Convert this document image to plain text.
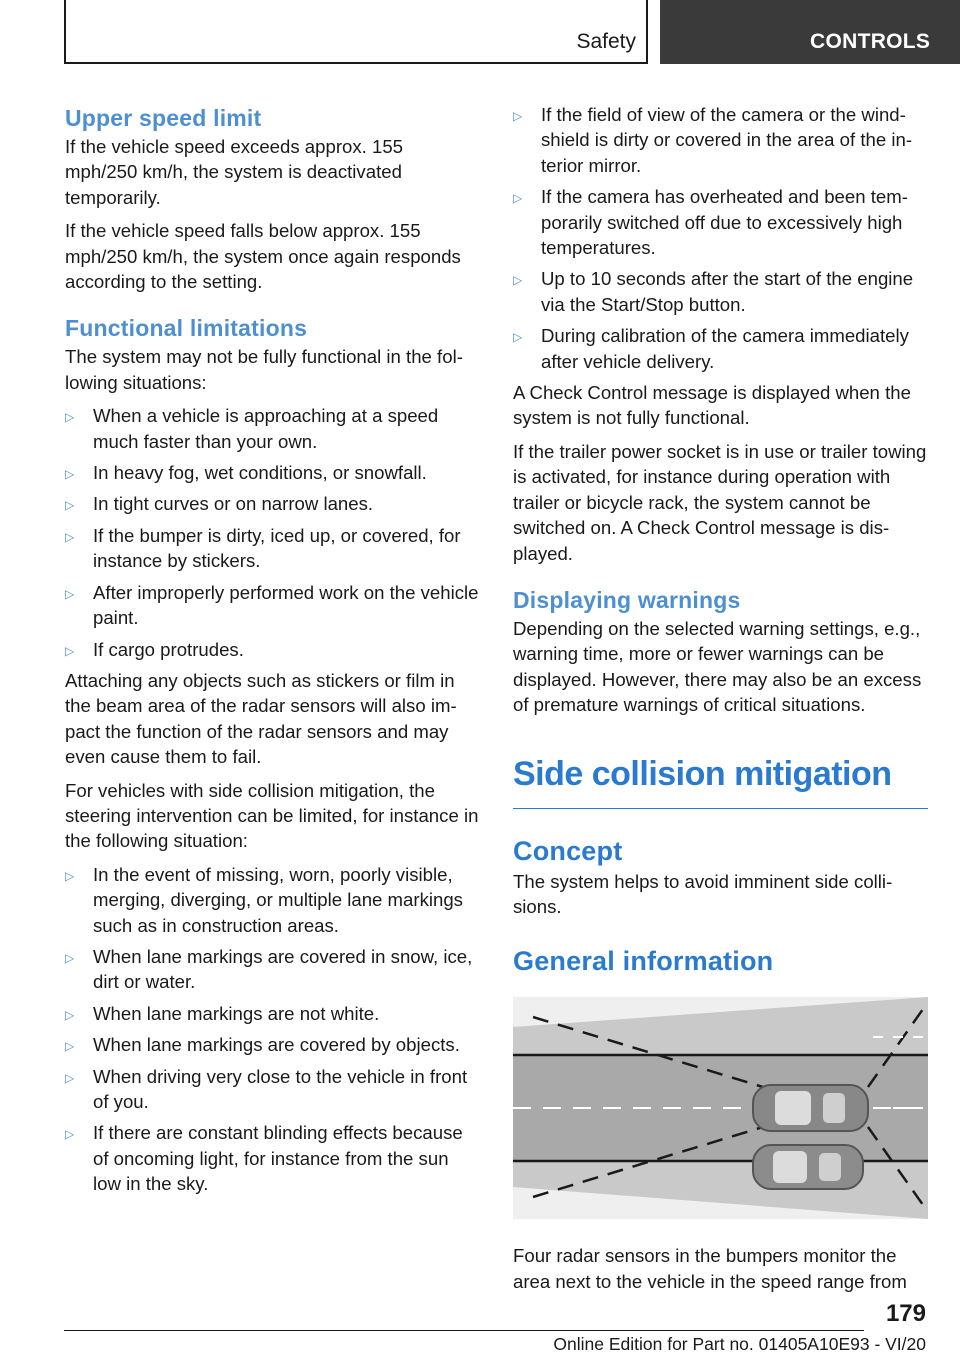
Safety	CONTROLS
Upper speed limit

If the vehicle speed exceeds approx. 155 mph/250 km/h, the system is deactivated temporarily.

If the vehicle speed falls below approx. 155 mph/250 km/h, the system once again responds according to the setting.

Functional limitations

The system may not be fully functional in the following situations:

▷ When a vehicle is approaching at a speed much faster than your own.
▷ In heavy fog, wet conditions, or snowfall.
▷ In tight curves or on narrow lanes.
▷ If the bumper is dirty, iced up, or covered, for instance by stickers.
▷ After improperly performed work on the vehicle paint.
▷ If cargo protrudes.

Attaching any objects such as stickers or film in the beam area of the radar sensors will also impact the function of the radar sensors and may even cause them to fail.

For vehicles with side collision mitigation, the steering intervention can be limited, for instance in the following situation:

▷ In the event of missing, worn, poorly visible, merging, diverging, or multiple lane markings such as in construction areas.
▷ When lane markings are covered in snow, ice, dirt or water.
▷ When lane markings are not white.
▷ When lane markings are covered by objects.
▷ When driving very close to the vehicle in front of you.
▷ If there are constant blinding effects because of oncoming light, for instance from the sun low in the sky.
▷ If the field of view of the camera or the windshield is dirty or covered in the area of the interior mirror.
▷ If the camera has overheated and been temporarily switched off due to excessively high temperatures.
▷ Up to 10 seconds after the start of the engine via the Start/Stop button.
▷ During calibration of the camera immediately after vehicle delivery.

A Check Control message is displayed when the system is not fully functional.

If the trailer power socket is in use or trailer towing is activated, for instance during operation with trailer or bicycle rack, the system cannot be switched on. A Check Control message is displayed.

Displaying warnings

Depending on the selected warning settings, e.g., warning time, more or fewer warnings can be displayed. However, there may also be an excess of premature warnings of critical situations.

Side collision mitigation
Concept

The system helps to avoid imminent side collisions.

General information

Four radar sensors in the bumpers monitor the area next to the vehicle in the speed range from

179
Online Edition for Part no. 01405A10E93 - VI/20
